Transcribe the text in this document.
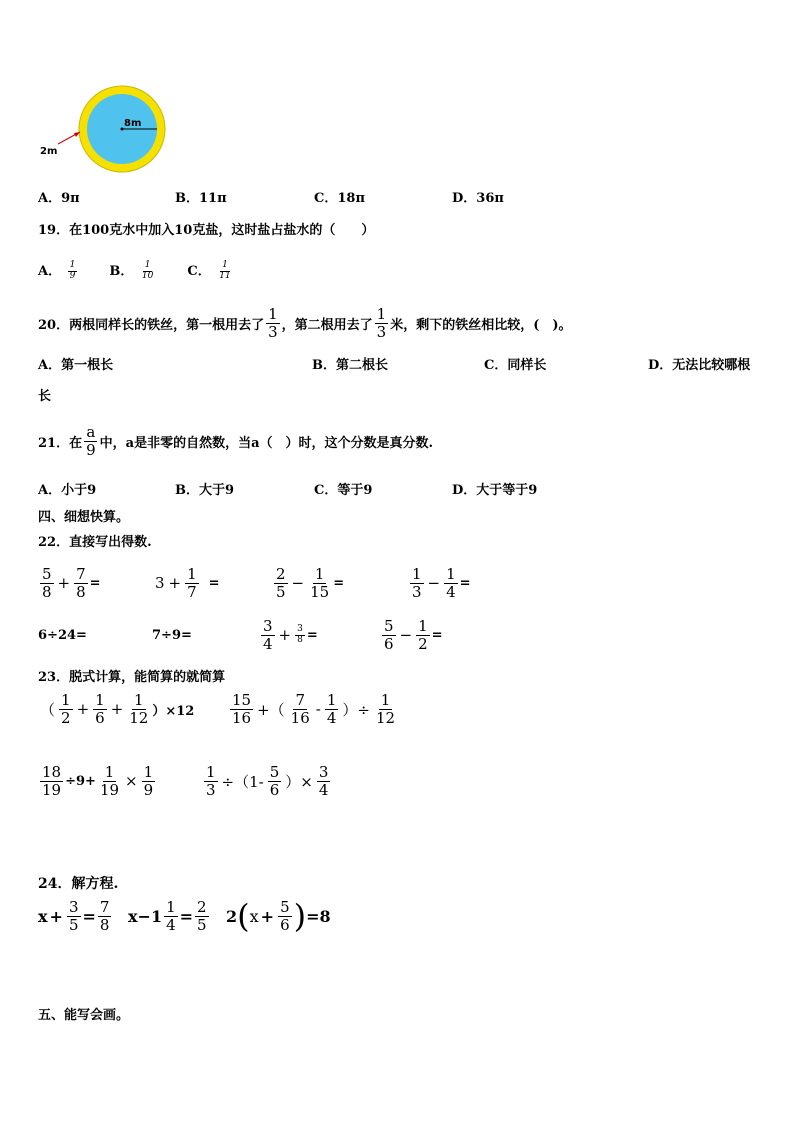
8m
2m
A．9π	B．11π	C．18π	D．36π
19．在100克水中加入10克盐，这时盐占盐水的（　　）
A． $\frac{1}{9}$ B． $\frac{1}{10}$ C． $\frac{1}{11}$
20．两根同样长的铁丝，第一根用去了 $\frac{1}{3}$ ，第二根用去了 $\frac{1}{3}$ 米，剩下的铁丝相比较，(　)。
A．第一根长	B．第二根长	C．同样长	D．无法比较哪根
长
21．在 $\frac{a}{9}$ 中，a是非零的自然数，当a（　）时，这个分数是真分数.
A．小于9	B．大于9	C．等于9	D．大于等于9
四、细想快算。
22．直接写出得数.
$\frac{5}{8} + \frac{7}{8}$ =	$3 + \frac{1}{7}$ =	$\frac{2}{5} - \frac{1}{15}$ =	$\frac{1}{3} - \frac{1}{4}$ =
6÷24=	7÷9=	$\frac{3}{4} + \frac{3}{8}$ =	$\frac{5}{6} - \frac{1}{2}$ =
23．脱式计算，能简算的就简算
（ $\frac{1}{2} + \frac{1}{6} + \frac{1}{12} )\times 12 \frac{15}{16}$ +（ $\frac{7}{16} - \frac{1}{4}$ ）÷ $\frac{1}{12}$
$\frac{18}{19} \div 9+ \frac{1}{19} \times \frac{1}{9}$	$\frac{1}{3} \div(1- \frac{5}{6}$ ）× $\frac{3}{4}$
24．解方程.
$x + \frac{3}{5} = \frac{7}{8} x-1 \frac{1}{4} = \frac{2}{5} 2$ ( $x + \frac{5}{6}$ ) =8
五、能写会画。
